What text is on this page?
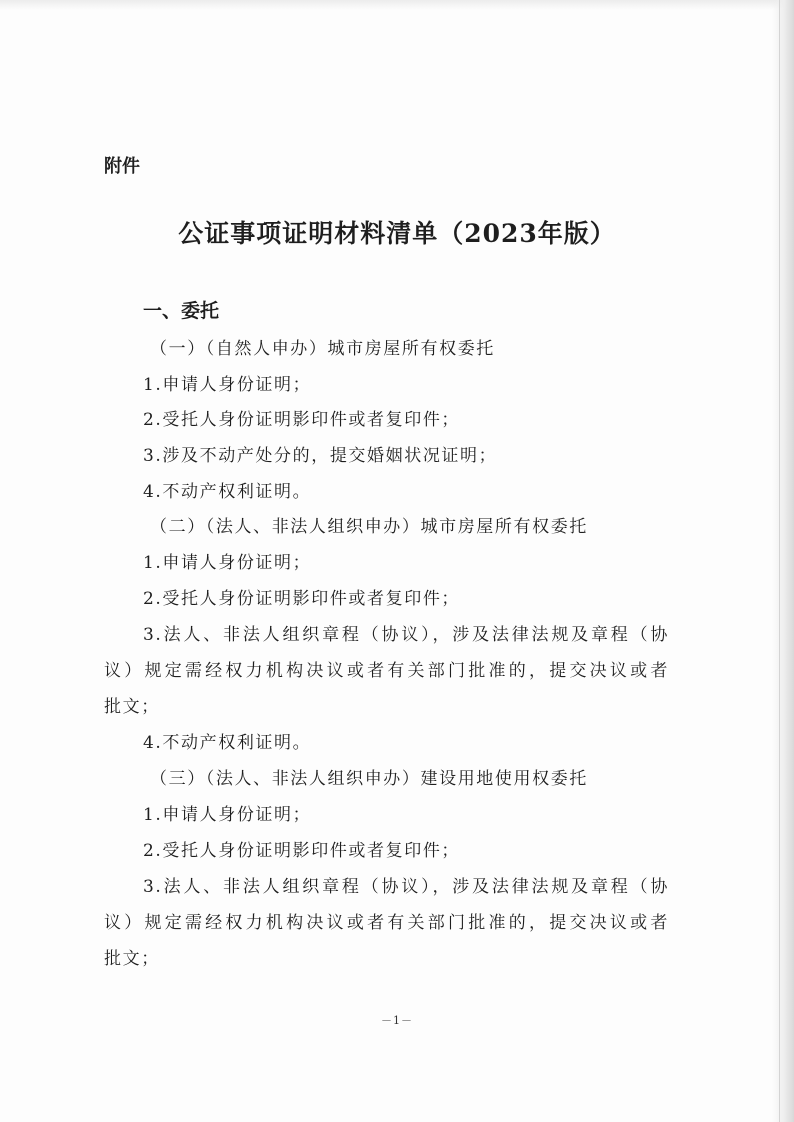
附件

公证事项证明材料清单（2023年版）
一、委托

（一）（自然人申办）城市房屋所有权委托

1.申请人身份证明；

2.受托人身份证明影印件或者复印件；

3.涉及不动产处分的，提交婚姻状况证明；

4.不动产权利证明。

（二）（法人、非法人组织申办）城市房屋所有权委托

1.申请人身份证明；

2.受托人身份证明影印件或者复印件；

3.法人、非法人组织章程（协议），涉及法律法规及章程（协

议）规定需经权力机构决议或者有关部门批准的，提交决议或者

批文；

4.不动产权利证明。

（三）（法人、非法人组织申办）建设用地使用权委托

1.申请人身份证明；

2.受托人身份证明影印件或者复印件；

3.法人、非法人组织章程（协议），涉及法律法规及章程（协

议）规定需经权力机构决议或者有关部门批准的，提交决议或者

批文；

－1－
